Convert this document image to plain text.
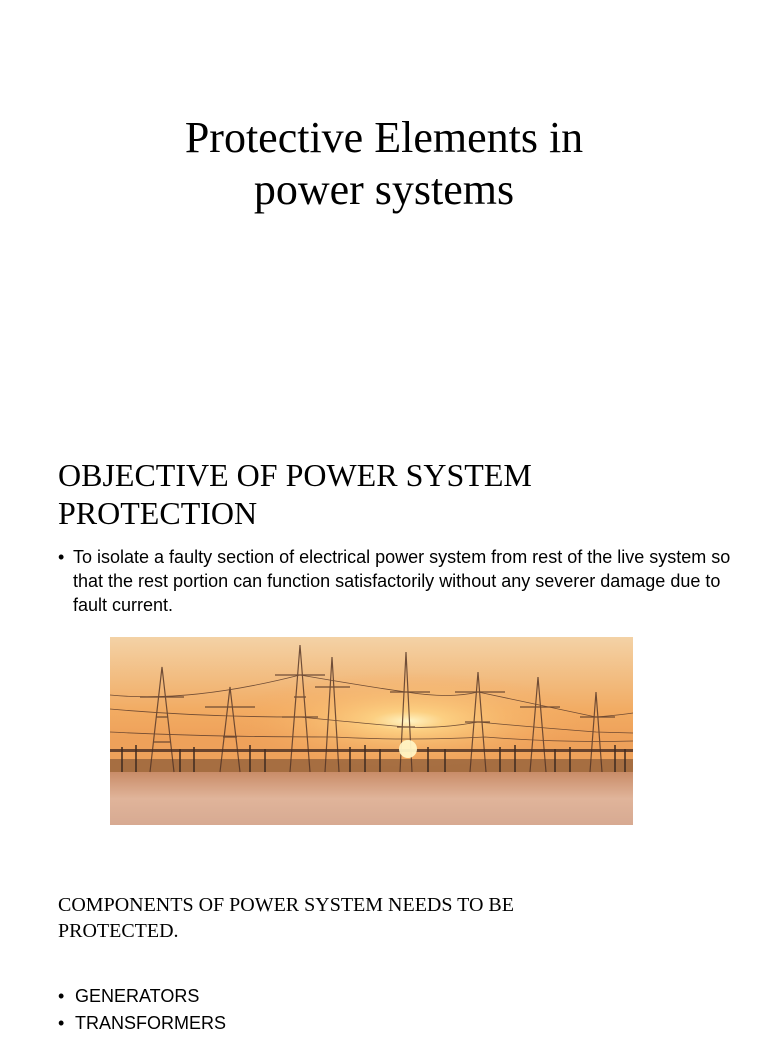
Protective Elements in
power systems
OBJECTIVE OF POWER SYSTEM
PROTECTION

• To isolate a faulty section of electrical power system from rest of the live system so that the rest portion can function satisfactorily without any severer damage due to fault current.

COMPONENTS OF POWER SYSTEM NEEDS TO BE
PROTECTED.
• GENERATORS
• TRANSFORMERS
